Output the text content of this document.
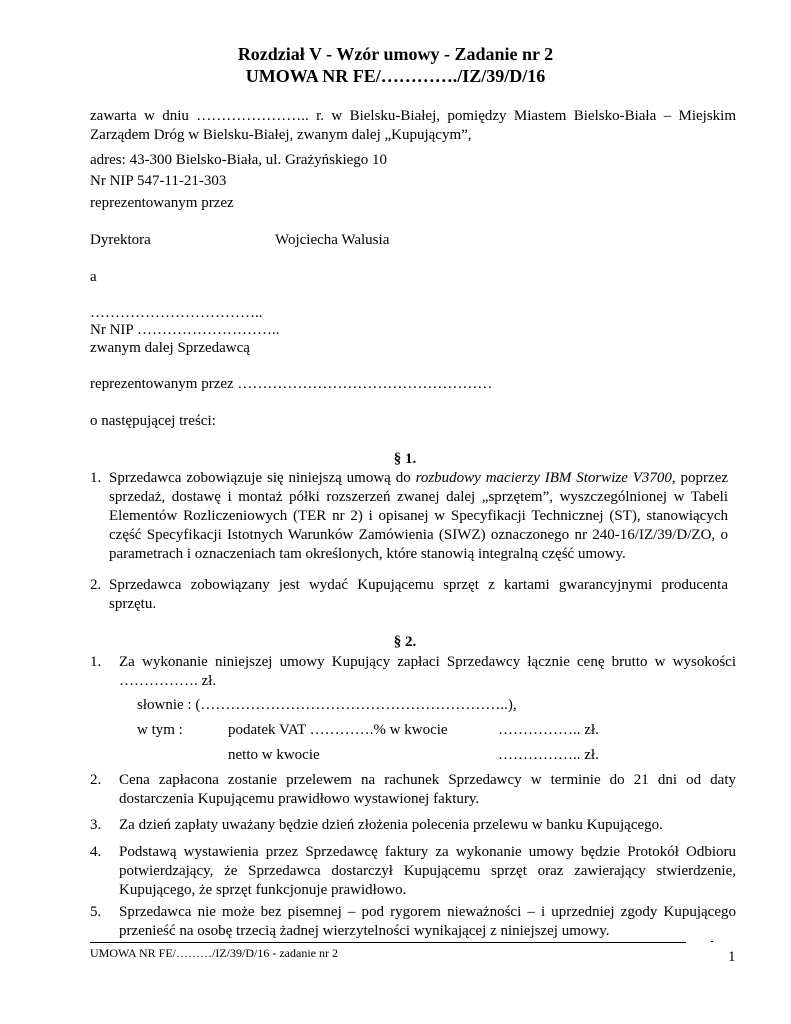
Rozdział V - Wzór umowy - Zadanie nr 2
UMOWA NR FE/…………./IZ/39/D/16
zawarta w dniu ………………….. r. w Bielsku-Białej, pomiędzy Miastem Bielsko-Biała – Miejskim Zarządem Dróg w Bielsku-Białej, zwanym dalej „Kupującym”,
adres: 43-300 Bielsko-Biała, ul. Grażyńskiego 10
Nr NIP 547-11-21-303
reprezentowanym przez
Dyrektora	Wojciecha Walusia
a
……………………………..
Nr NIP ………………………..
zwanym dalej Sprzedawcą
reprezentowanym przez ……………………………………………
o następującej treści:
§ 1.
1. Sprzedawca zobowiązuje się niniejszą umową do rozbudowy macierzy IBM Storwize V3700, poprzez sprzedaż, dostawę i montaż półki rozszerzeń zwanej dalej „sprzętem”, wyszczególnionej w Tabeli Elementów Rozliczeniowych (TER nr 2) i opisanej w Specyfikacji Technicznej (ST), stanowiących część Specyfikacji Istotnych Warunków Zamówienia (SIWZ) oznaczonego nr 240-16/IZ/39/D/ZO, o parametrach i oznaczeniach tam określonych, które stanowią integralną część umowy.
2. Sprzedawca zobowiązany jest wydać Kupującemu sprzęt z kartami gwarancyjnymi producenta sprzętu.
§ 2.
1. Za wykonanie niniejszej umowy Kupujący zapłaci Sprzedawcy łącznie cenę brutto w wysokości ……………. zł.
słownie : (……………………………………………………..),
w tym :	podatek VAT ………….% w kwocie	…………….. zł.
netto w kwocie	…………….. zł.
2. Cena zapłacona zostanie przelewem na rachunek Sprzedawcy w terminie do 21 dni od daty dostarczenia Kupującemu prawidłowo wystawionej faktury.
3. Za dzień zapłaty uważany będzie dzień złożenia polecenia przelewu w banku Kupującego.
4. Podstawą wystawienia przez Sprzedawcę faktury za wykonanie umowy będzie Protokół Odbioru potwierdzający, że Sprzedawca dostarczył Kupującemu sprzęt oraz zawierający stwierdzenie, Kupującego, że sprzęt funkcjonuje prawidłowo.
5. Sprzedawca nie może bez pisemnej – pod rygorem nieważności – i uprzedniej zgody Kupującego przenieść na osobę trzecią żadnej wierzytelności wynikającej z niniejszej umowy.
UMOWA NR FE/………/IZ/39/D/16 - zadanie nr 2	1
